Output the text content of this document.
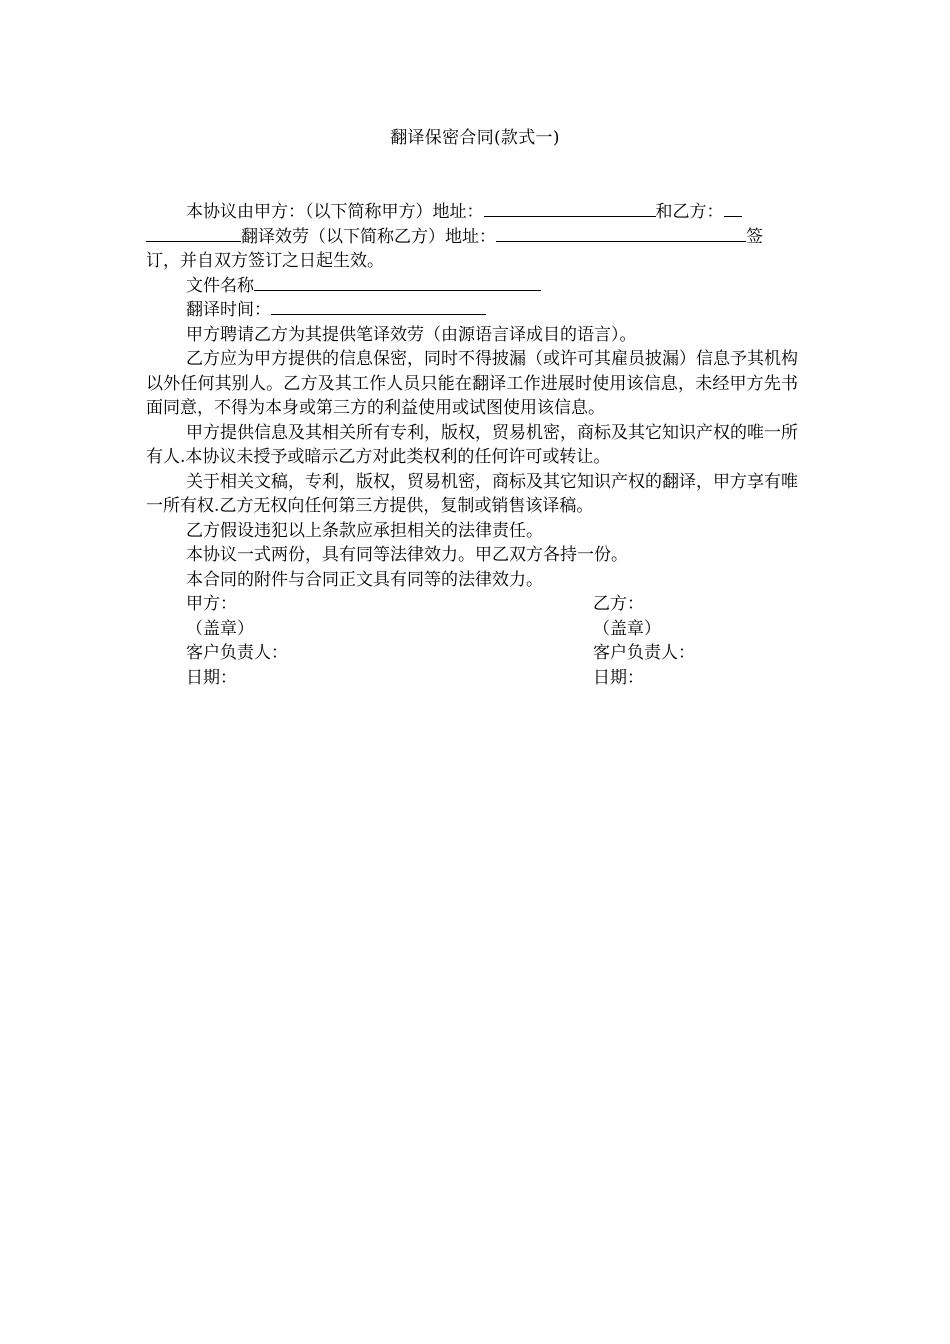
翻译保密合同(款式一)
本协议由甲方：（以下简称甲方）地址：	和乙方：
翻译效劳（以下简称乙方）地址：	签
订，并自双方签订之日起生效。
文件名称
翻译时间：

甲方聘请乙方为其提供笔译效劳（由源语言译成目的语言）。

乙方应为甲方提供的信息保密，同时不得披漏（或许可其雇员披漏）信息予其机构以外任何其别人。乙方及其工作人员只能在翻译工作进展时使用该信息，未经甲方先书面同意，不得为本身或第三方的利益使用或试图使用该信息。

甲方提供信息及其相关所有专利，版权，贸易机密，商标及其它知识产权的唯一所有人.本协议未授予或暗示乙方对此类权利的任何许可或转让。

关于相关文稿，专利，版权，贸易机密，商标及其它知识产权的翻译，甲方享有唯一所有权.乙方无权向任何第三方提供，复制或销售该译稿。

乙方假设违犯以上条款应承担相关的法律责任。

本协议一式两份，具有同等法律效力。甲乙双方各持一份。

本合同的附件与合同正文具有同等的法律效力。

甲方：	乙方：
（盖章）	（盖章）
客户负责人：	客户负责人：
日期：	日期：
